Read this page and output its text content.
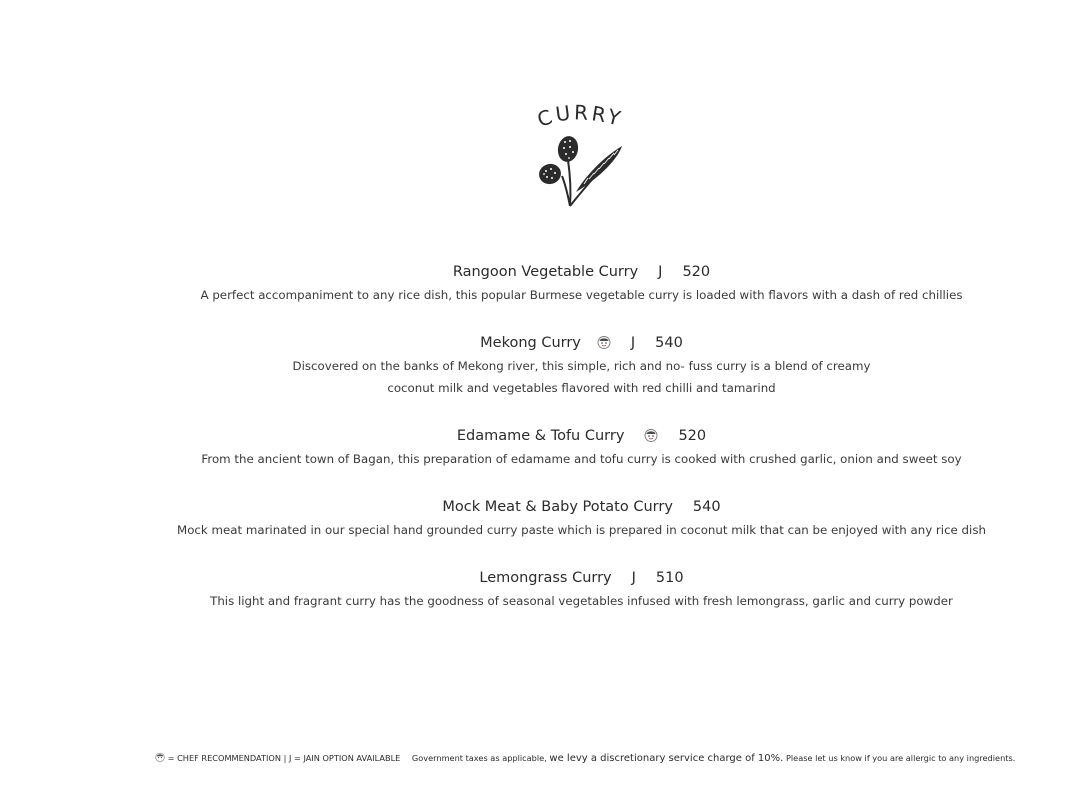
CURRY
Rangoon Vegetable Curry J 520
A perfect accompaniment to any rice dish, this popular Burmese vegetable curry is loaded with flavors with a dash of red chillies
Mekong Curry	J 540
Discovered on the banks of Mekong river, this simple, rich and no- fuss curry is a blend of creamy
coconut milk and vegetables flavored with red chilli and tamarind
Edamame & Tofu Curry	520
From the ancient town of Bagan, this preparation of edamame and tofu curry is cooked with crushed garlic, onion and sweet soy
Mock Meat & Baby Potato Curry 540
Mock meat marinated in our special hand grounded curry paste which is prepared in coconut milk that can be enjoyed with any rice dish
Lemongrass Curry J 510
This light and fragrant curry has the goodness of seasonal vegetables infused with fresh lemongrass, garlic and curry powder
= CHEF RECOMMENDATION | J = JAIN OPTION AVAILABLE Government taxes as applicable, we levy a discretionary service charge of 10%. Please let us know if you are allergic to any ingredients.
